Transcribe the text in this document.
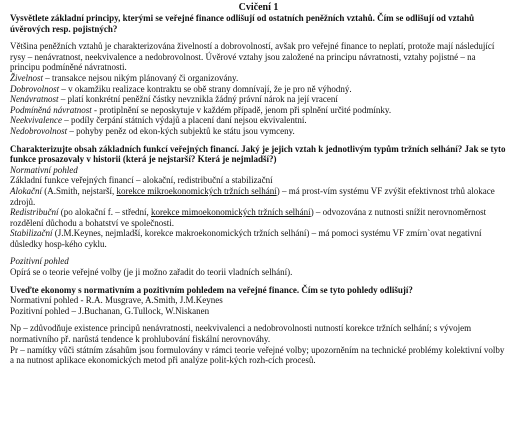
Cvičení 1

Vysvětlete základní principy, kterými se veřejné finance odlišují od ostatních peněžních vztahů. Čím se odlišují od vztahů úvěrových resp. pojistných?

Většina peněžních vztahů je charakterizována živelností a dobrovolností, avšak pro veřejné finance to neplatí, protože mají následující rysy – nenávratnost, neekvivalence a nedobrovolnost. Úvěrové vztahy jsou založené na principu návratnosti, vztahy pojistné – na principu podmíněné návratnosti.

Živelnost – transakce nejsou nikým plánovaný či organizovány.

Dobrovolnost – v okamžiku realizace kontraktu se obě strany domnívají, že je pro ně výhodný.

Nenávratnost – platí konkrétní peněžní částky nevznikla žádný právní nárok na její vracení

Podmíněná návratnost - protiplnění se neposkytuje v každém případě, jenom při splnění určité podmínky.

Neekvivalence – podíly čerpání státních výdajů a placení daní nejsou ekvivalentní.

Nedobrovolnost – pohyby peněz od ekon-kých subjektů ke státu jsou vymceny.

Charakterizujte obsah základních funkcí veřejných financí. Jaký je jejich vztah k jednotlivým typům tržních selhání? Jak se tyto funkce prosazovaly v historii (která je nejstarší? Která je nejmladší?)

Normativní pohled

Základní funkce veřejných financí – alokační, redistribuční a stabilizační

Alokační (A.Smith, nejstarší, korekce mikroekonomických tržních selhání) – má prost-vím systému VF zvýšit efektivnost trhů alokace zdrojů.

Redistribuční (po alokační f. – střední, korekce mimoekonomických tržních selhání) – odvozována z nutnosti snížit nerovnoměrnost rozdělení důchodu a bohatství ve společnosti.

Stabilizační (J.M.Keynes, nejmladší, korekce makroekonomických tržních selhání) – má pomoci systému VF zmírn`ovat negativní důsledky hosp-kého cyklu.

Pozitivní pohled

Opírá se o teorie veřejné volby (je ji možno zařadit do teorii vladních selhání).

Uveďte ekonomy s normativním a pozitivním pohledem na veřejné finance. Čím se tyto pohledy odlišují?

Normativní pohled - R.A. Musgrave, A.Smith, J.M.Keynes

Pozitivní pohled – J.Buchanan, G.Tullock, W.Niskanen

Np – zdůvodňuje existence principů nenávratnosti, neekvivalenci a nedobrovolnosti nutností korekce tržních selhání; s vývojem normativního př. narůstá tendence k prohlubování fiskální nerovnováhy.

Pr – namítky vůči státním zásahům jsou formulovány v rámci teorie veřejné volby; upozorněním na technické problémy kolektivní volby a na nutnost aplikace ekonomických metod při analýze polit-kých rozh-cích procesů.
